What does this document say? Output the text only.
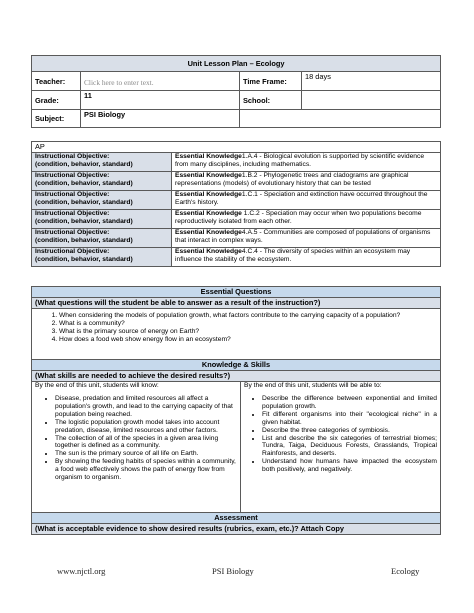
Unit Lesson Plan – Ecology			
Teacher:	Click here to enter text.	Time Frame:	18 days
Grade:	11	School:	
Subject:	PSI Biology		
AP	
Instructional Objective:
(condition, behavior, standard)	Essential Knowledge1.A.4 - Biological evolution is supported by scientific evidence from many disciplines, including mathematics.
Instructional Objective:
(condition, behavior, standard)	Essential Knowledge1.B.2 - Phylogenetic trees and cladograms are graphical representations (models) of evolutionary history that can be tested
Instructional Objective:
(condition, behavior, standard)	Essential Knowledge1.C.1 - Speciation and extinction have occurred throughout the Earth's history.
Instructional Objective:
(condition, behavior, standard)	Essential Knowledge 1.C.2 - Speciation may occur when two populations become reproductively isolated from each other.
Instructional Objective:
(condition, behavior, standard)	Essential Knowledge4.A.5 - Communities are composed of populations of organisms that interact in complex ways.
Instructional Objective:
(condition, behavior, standard)	Essential Knowledge4.C.4 - The diversity of species within an ecosystem may influence the stability of the ecosystem.
Essential Questions
(What questions will the student be able to answer as a result of the instruction?)

1. When considering the models of population growth, what factors contribute to the carrying capacity of a population?
2. What is a community?
3. What is the primary source of energy on Earth?
4. How does a food web show energy flow in an ecosystem?

Knowledge & Skills
(What skills are needed to achieve the desired results?)

By the end of this unit, students will know:
• Disease, predation and limited resources all affect a population's growth, and lead to the carrying capacity of that population being reached.
• The logistic population growth model takes into account predation, disease, limited resources and other factors.
• The collection of all of the species in a given area living together is defined as a community.
• The sun is the primary source of all life on Earth.
• By showing the feeding habits of species within a community, a food web effectively shows the path of energy flow from organism to organism.

By the end of this unit, students will be able to:
• Describe the difference between exponential and limited population growth.
• Fit different organisms into their "ecological niche" in a given habitat.
• Describe the three categories of symbiosis.
• List and describe the six categories of terrestrial biomes; Tundra, Taiga, Deciduous Forests, Grasslands, Tropical Rainforests, and deserts.
• Understand how humans have impacted the ecosystem both positively, and negatively.

Assessment
(What is acceptable evidence to show desired results (rubrics, exam, etc.)? Attach Copy
www.njctl.org	PSI Biology	Ecology
